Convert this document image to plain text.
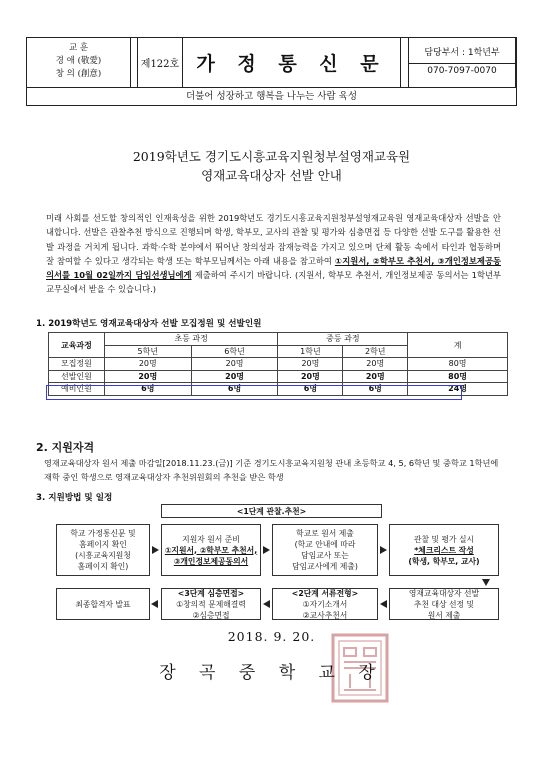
교 훈
경 애 (敬愛)
창 의 (創意)
제122호 가 정 통 신 문	담당부서 : 1학년부
070-7097-0070
더불어 성장하고 행복을 나누는 사람 육성
2019학년도 경기도시흥교육지원청부설영재교육원
영재교육대상자 선발 안내
미래 사회를 선도할 창의적인 인재육성을 위한 2019학년도 경기도시흥교육지원청부설영재교육원 영재교육대상자 선발을 안내합니다. 선발은 관찰추천 방식으로 진행되며 학생, 학부모, 교사의 관찰 및 평가와 심층면접 등 다양한 선발 도구를 활용한 선발 과정을 거치게 됩니다. 과학·수학 분야에서 뛰어난 창의성과 잠재능력을 가지고 있으며 단체 활동 속에서 타인과 협동하며 잘 참여할 수 있다고 생각되는 학생 또는 학부모님께서는 아래 내용을 참고하여 ①지원서, ②학부모 추천서, ③개인정보제공동의서를 10월 02일까지 담임선생님에게 제출하여 주시기 바랍니다. (지원서, 학부모 추천서, 개인정보제공 동의서는 1학년부 교무실에서 받을 수 있습니다.)
1. 2019학년도 영재교육대상자 선발 모집정원 및 선발인원
교육과정	초등 과정		중등 과정		계
	5학년	6학년	1학년	2학년	
모집정원	20명	20명	20명	20명	80명
선발인원	20명	20명	20명	20명	80명
예비인원	6명	6명	6명	6명	24명
2. 지원자격
영재교육대상자 원서 제출 마감일[2018.11.23.(금)] 기준 경기도시흥교육지원청 관내 초등학교 4, 5, 6학년 및 중학교 1학년에 재학 중인 학생으로 영재교육대상자 추천위원회의 추천을 받은 학생
3. 지원방법 및 일정
<1단계 관찰.추천>
학교 가정통신문 및
홈페이지 확인
(시흥교육지원청
홈페이지 확인)
지원자 원서 준비
①지원서, ②학부모 추천서,
③개인정보제공동의서
학교로 원서 제출
(학교 안내에 따라
담임교사 또는
담임교사에게 제출)
관찰 및 평가 실시
*체크리스트 작성
(학생, 학부모, 교사)
최종합격자 발표
<3단계 심층면접>
①창의적 문제해결력
②심층면접
<2단계 서류전형>
①자기소개서
②교사추천서
영재교육대상자 선발
추천 대상 선정 및
원서 제출
2018. 9. 20.
장 곡 중 학 교 장
